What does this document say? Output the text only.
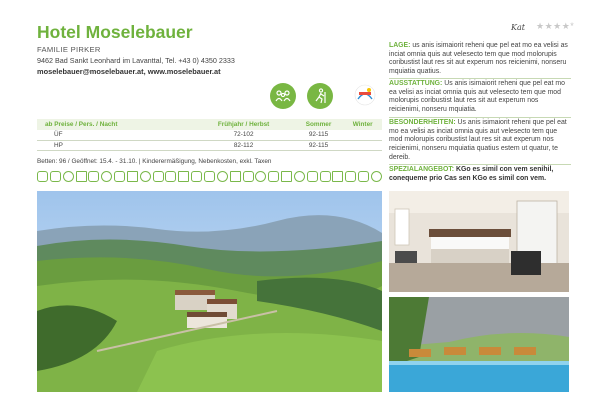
Hotel Moselebauer
FAMILIE PIRKER
9462 Bad Sankt Leonhard im Lavanttal, Tel. +43 0) 4350 2333
moselebauer@moselebauer.at, www.moselebauer.at
Kat ★★★★*
ab Preise / Pers. / Nacht	Frühjahr / Herbst	Sommer	Winter
ÜF	72-102	92-115	
HP	82-112	92-115	
Betten: 96 / Geöffnet: 15.4. - 31.10. | Kinderermäßigung, Nebenkosten, exkl. Taxen
LAGE: us anis isimaiorit reheni que pel eat mo ea velisi as inciat omnia quis aut velesecto tem que mod molorupis coribustist laut res sit aut experum nos reicienimi, nonseru mquiatia quatius.
AUSSTATTUNG: Us anis isimaiorit reheni que pel eat mo ea velisi as inciat omnia quis aut velesecto tem que mod molorupis coribustist laut res sit aut experum nos reicienimi, nonseru mquiatia.
BESONDERHEITEN: Us anis isimaiorit reheni que pel eat mo ea velisi as inciat omnia quis aut velesecto tem que mod molorupis coribustist laut res sit aut experum nos reicienimi, nonseru mquiatia quatius estem ut quatur, te dereib.
SPEZIALANGEBOT: KGo es simil con vem senihil, conequeme prio Cas sen KGo es simil con vem.
